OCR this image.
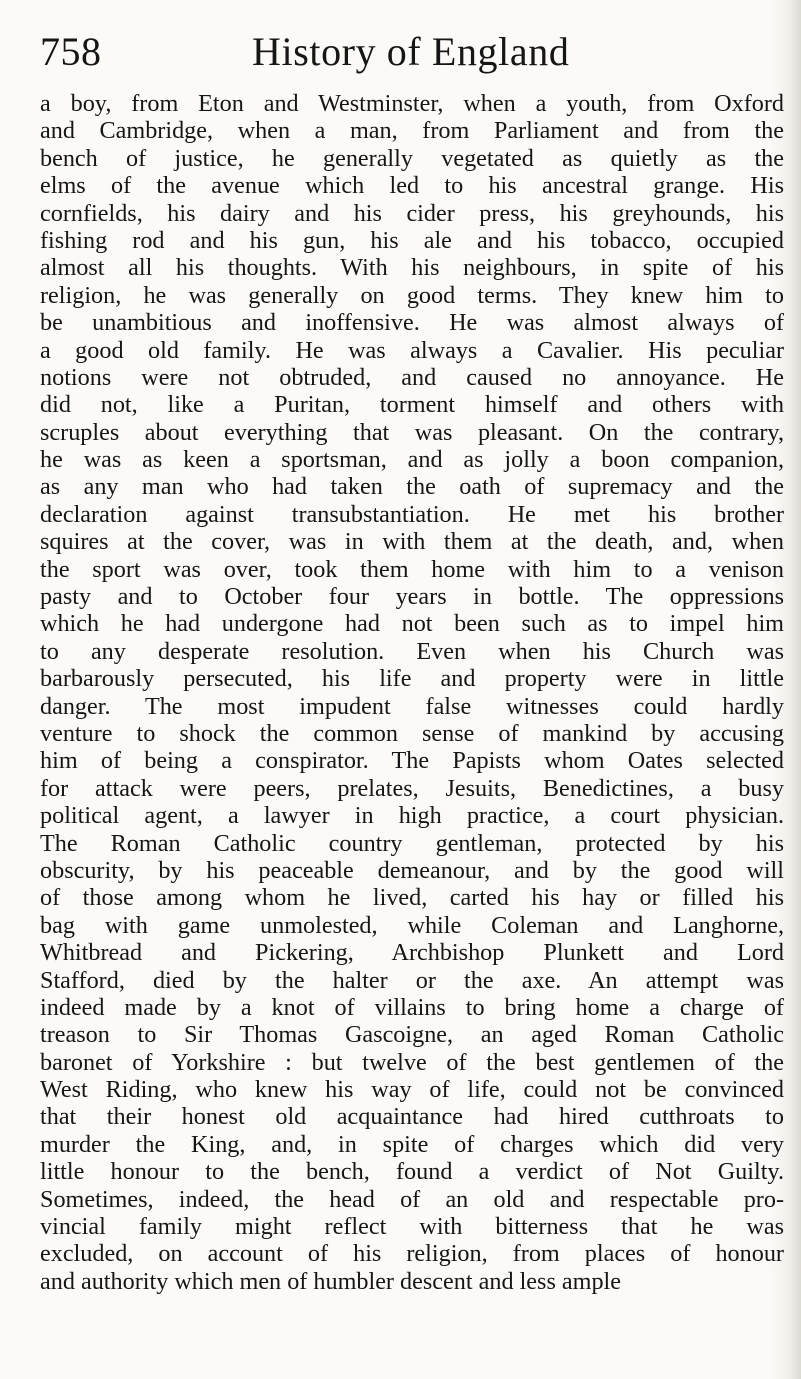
758	History of England
a boy, from Eton and Westminster, when a youth, from Oxford
and Cambridge, when a man, from Parliament and from the
bench of justice, he generally vegetated as quietly as the
elms of the avenue which led to his ancestral grange. His
cornfields, his dairy and his cider press, his greyhounds, his
fishing rod and his gun, his ale and his tobacco, occupied
almost all his thoughts. With his neighbours, in spite of his
religion, he was generally on good terms. They knew him to
be unambitious and inoffensive. He was almost always of
a good old family. He was always a Cavalier. His peculiar
notions were not obtruded, and caused no annoyance. He
did not, like a Puritan, torment himself and others with
scruples about everything that was pleasant. On the contrary,
he was as keen a sportsman, and as jolly a boon companion,
as any man who had taken the oath of supremacy and the
declaration against transubstantiation. He met his brother
squires at the cover, was in with them at the death, and, when
the sport was over, took them home with him to a venison
pasty and to October four years in bottle. The oppressions
which he had undergone had not been such as to impel him
to any desperate resolution. Even when his Church was
barbarously persecuted, his life and property were in little
danger. The most impudent false witnesses could hardly
venture to shock the common sense of mankind by accusing
him of being a conspirator. The Papists whom Oates selected
for attack were peers, prelates, Jesuits, Benedictines, a busy
political agent, a lawyer in high practice, a court physician.
The Roman Catholic country gentleman, protected by his
obscurity, by his peaceable demeanour, and by the good will
of those among whom he lived, carted his hay or filled his
bag with game unmolested, while Coleman and Langhorne,
Whitbread and Pickering, Archbishop Plunkett and Lord
Stafford, died by the halter or the axe. An attempt was
indeed made by a knot of villains to bring home a charge of
treason to Sir Thomas Gascoigne, an aged Roman Catholic
baronet of Yorkshire : but twelve of the best gentlemen of the
West Riding, who knew his way of life, could not be convinced
that their honest old acquaintance had hired cutthroats to
murder the King, and, in spite of charges which did very
little honour to the bench, found a verdict of Not Guilty.
Sometimes, indeed, the head of an old and respectable pro-
vincial family might reflect with bitterness that he was
excluded, on account of his religion, from places of honour
and authority which men of humbler descent and less ample
